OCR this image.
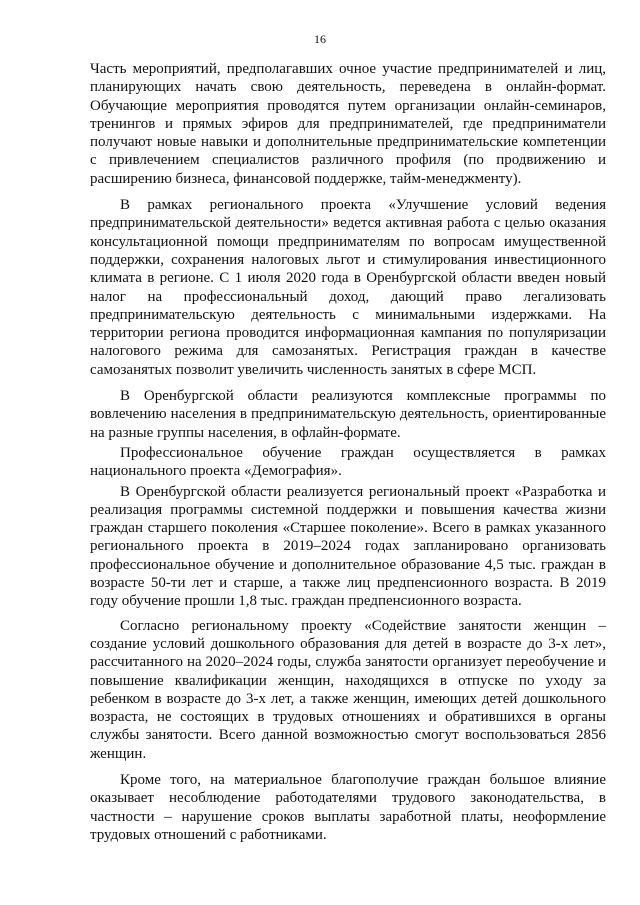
16

Часть мероприятий, предполагавших очное участие предпринимателей и лиц, планирующих начать свою деятельность, переведена в онлайн-формат. Обучающие мероприятия проводятся путем организации онлайн-семинаров, тренингов и прямых эфиров для предпринимателей, где предприниматели получают новые навыки и дополнительные предпринимательские компетенции с привлечением специалистов различного профиля (по продвижению и расширению бизнеса, финансовой поддержке, тайм-менеджменту).

В рамках регионального проекта «Улучшение условий ведения предпринимательской деятельности» ведется активная работа с целью оказания консультационной помощи предпринимателям по вопросам имущественной поддержки, сохранения налоговых льгот и стимулирования инвестиционного климата в регионе. С 1 июля 2020 года в Оренбургской области введен новый налог на профессиональный доход, дающий право легализовать предпринимательскую деятельность с минимальными издержками. На территории региона проводится информационная кампания по популяризации налогового режима для самозанятых. Регистрация граждан в качестве самозанятых позволит увеличить численность занятых в сфере МСП.

В Оренбургской области реализуются комплексные программы по вовлечению населения в предпринимательскую деятельность, ориентированные на разные группы населения, в офлайн-формате.

Профессиональное обучение граждан осуществляется в рамках национального проекта «Демография».

В Оренбургской области реализуется региональный проект «Разработка и реализация программы системной поддержки и повышения качества жизни граждан старшего поколения «Старшее поколение». Всего в рамках указанного регионального проекта в 2019–2024 годах запланировано организовать профессиональное обучение и дополнительное образование 4,5 тыс. граждан в возрасте 50-ти лет и старше, а также лиц предпенсионного возраста. В 2019 году обучение прошли 1,8 тыс. граждан предпенсионного возраста.

Согласно региональному проекту «Содействие занятости женщин – создание условий дошкольного образования для детей в возрасте до 3-х лет», рассчитанного на 2020–2024 годы, служба занятости организует переобучение и повышение квалификации женщин, находящихся в отпуске по уходу за ребенком в возрасте до 3-х лет, а также женщин, имеющих детей дошкольного возраста, не состоящих в трудовых отношениях и обратившихся в органы службы занятости. Всего данной возможностью смогут воспользоваться 2856 женщин.

Кроме того, на материальное благополучие граждан большое влияние оказывает несоблюдение работодателями трудового законодательства, в частности – нарушение сроков выплаты заработной платы, неоформление трудовых отношений с работниками.
